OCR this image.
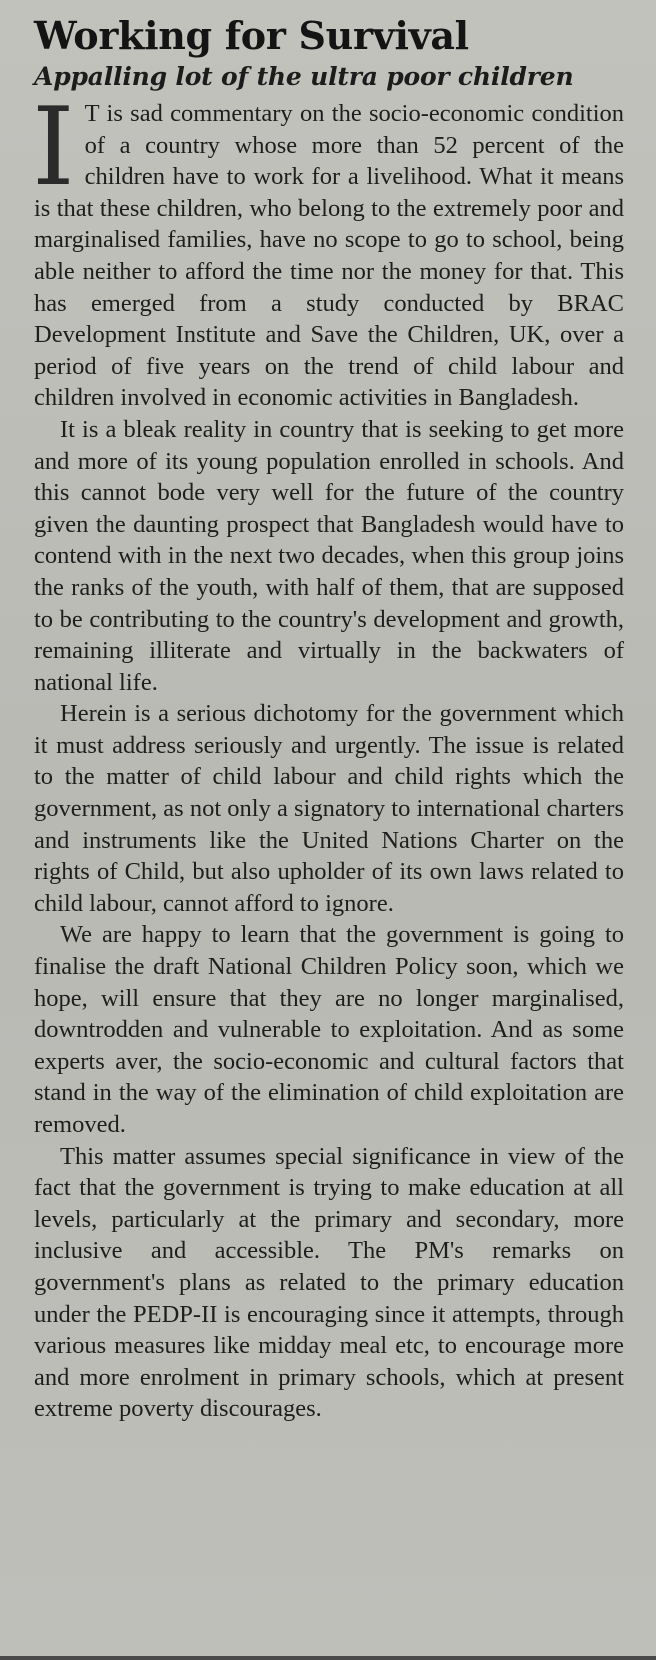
Working for Survival
Appalling lot of the ultra poor children

I T is sad commentary on the socio-economic condition of a country whose more than 52 percent of the children have to work for a livelihood. What it means is that these children, who belong to the extremely poor and marginalised families, have no scope to go to school, being able neither to afford the time nor the money for that. This has emerged from a study conducted by BRAC Development Institute and Save the Children, UK, over a period of five years on the trend of child labour and children involved in economic activities in Bangladesh.

It is a bleak reality in country that is seeking to get more and more of its young population enrolled in schools. And this cannot bode very well for the future of the country given the daunting prospect that Bangladesh would have to contend with in the next two decades, when this group joins the ranks of the youth, with half of them, that are supposed to be contributing to the country's development and growth, remaining illiterate and virtually in the backwaters of national life.

Herein is a serious dichotomy for the government which it must address seriously and urgently. The issue is related to the matter of child labour and child rights which the government, as not only a signatory to international charters and instruments like the United Nations Charter on the rights of Child, but also upholder of its own laws related to child labour, cannot afford to ignore.

We are happy to learn that the government is going to finalise the draft National Children Policy soon, which we hope, will ensure that they are no longer marginalised, downtrodden and vulnerable to exploitation. And as some experts aver, the socio-economic and cultural factors that stand in the way of the elimination of child exploitation are removed.

This matter assumes special significance in view of the fact that the government is trying to make education at all levels, particularly at the primary and secondary, more inclusive and accessible. The PM's remarks on government's plans as related to the primary education under the PEDP-II is encouraging since it attempts, through various measures like midday meal etc, to encourage more and more enrolment in primary schools, which at present extreme poverty discourages.
